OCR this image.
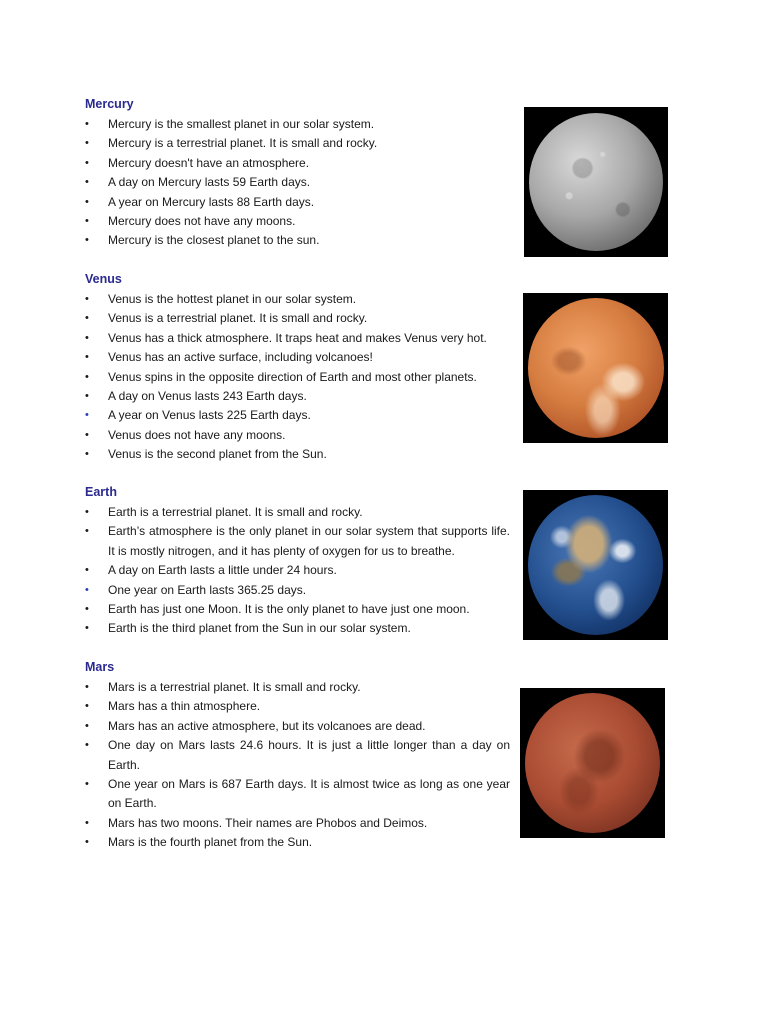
Mercury
•	Mercury is the smallest planet in our solar system.
•	Mercury is a terrestrial planet. It is small and rocky.
•	Mercury doesn't have an atmosphere.
•	A day on Mercury lasts 59 Earth days.
•	A year on Mercury lasts 88 Earth days.
•	Mercury does not have any moons.
•	Mercury is the closest planet to the sun.
Venus
•	Venus is the hottest planet in our solar system.
•	Venus is a terrestrial planet. It is small and rocky.
•	Venus has a thick atmosphere. It traps heat and makes Venus very hot.
•	Venus has an active surface, including volcanoes!
•	Venus spins in the opposite direction of Earth and most other planets.
•	A day on Venus lasts 243 Earth days.
•	A year on Venus lasts 225 Earth days.
•	Venus does not have any moons.
•	Venus is the second planet from the Sun.
Earth
•	Earth is a terrestrial planet. It is small and rocky.
•	Earth’s atmosphere is the only planet in our solar system that supports life. It is mostly nitrogen, and it has plenty of oxygen for us to breathe.
•	A day on Earth lasts a little under 24 hours.
•	One year on Earth lasts 365.25 days.
•	Earth has just one Moon. It is the only planet to have just one moon.
•	Earth is the third planet from the Sun in our solar system.
Mars
•	Mars is a terrestrial planet. It is small and rocky.
•	Mars has a thin atmosphere.
•	Mars has an active atmosphere, but its volcanoes are dead.
•	One day on Mars lasts 24.6 hours. It is just a little longer than a day on Earth.
•	One year on Mars is 687 Earth days. It is almost twice as long as one year on Earth.
•	Mars has two moons. Their names are Phobos and Deimos.
•	Mars is the fourth planet from the Sun.
